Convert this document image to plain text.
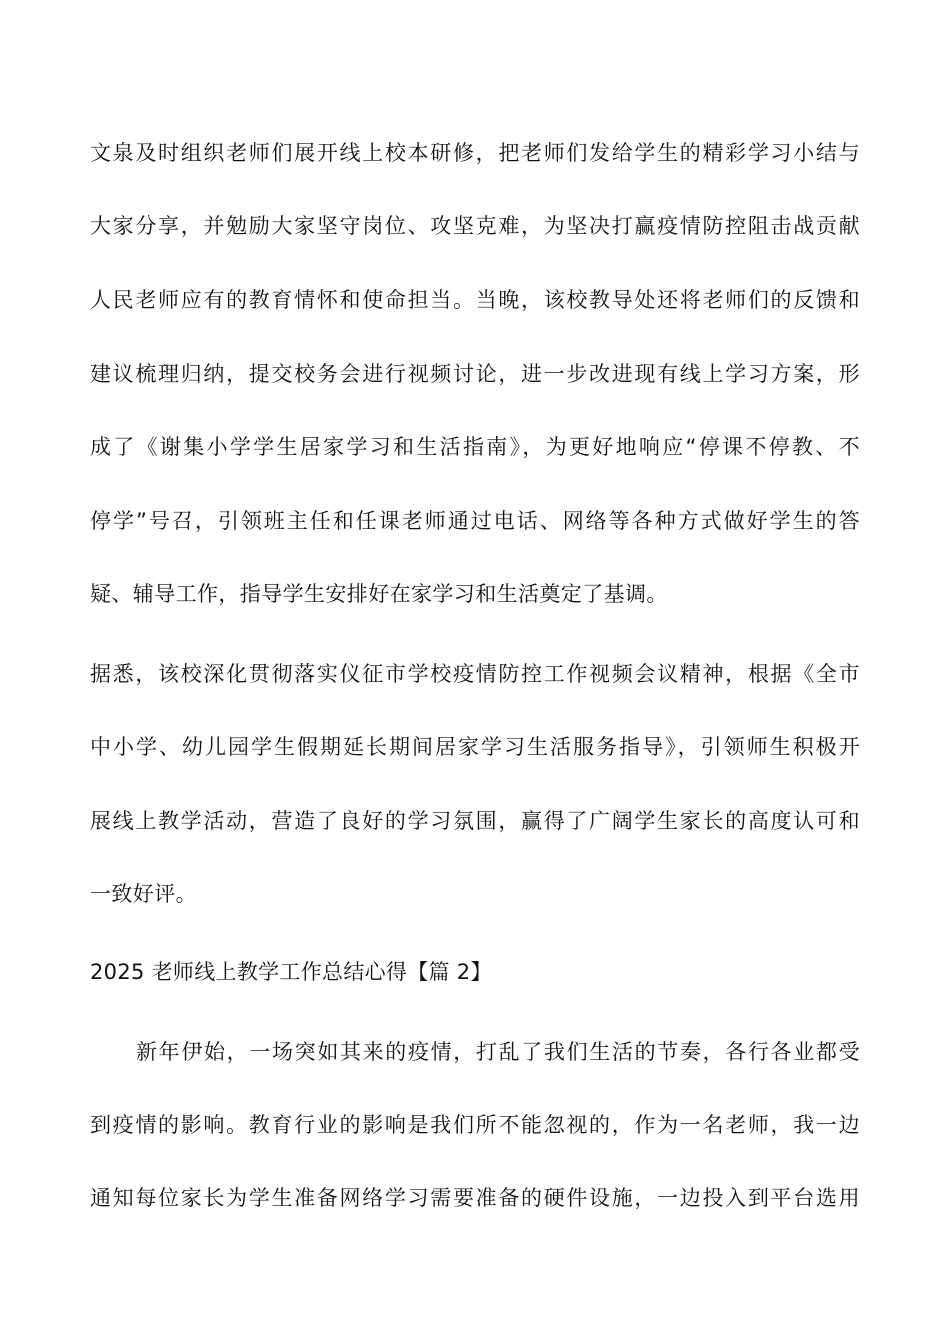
文泉及时组织老师们展开线上校本研修，把老师们发给学生的精彩学习小结与
大家分享，并勉励大家坚守岗位、攻坚克难，为坚决打赢疫情防控阻击战贡献
人民老师应有的教育情怀和使命担当。当晚，该校教导处还将老师们的反馈和
建议梳理归纳，提交校务会进行视频讨论，进一步改进现有线上学习方案，形
成了《谢集小学学生居家学习和生活指南》，为更好地响应“停课不停教、不
停学”号召，引领班主任和任课老师通过电话、网络等各种方式做好学生的答
疑、辅导工作，指导学生安排好在家学习和生活奠定了基调。
据悉，该校深化贯彻落实仪征市学校疫情防控工作视频会议精神，根据《全市
中小学、幼儿园学生假期延长期间居家学习生活服务指导》，引领师生积极开
展线上教学活动，营造了良好的学习氛围，赢得了广阔学生家长的高度认可和
一致好评。
2025 老师线上教学工作总结心得【篇 2】
新年伊始，一场突如其来的疫情，打乱了我们生活的节奏，各行各业都受
到疫情的影响。教育行业的影响是我们所不能忽视的，作为一名老师，我一边
通知每位家长为学生准备网络学习需要准备的硬件设施，一边投入到平台选用
